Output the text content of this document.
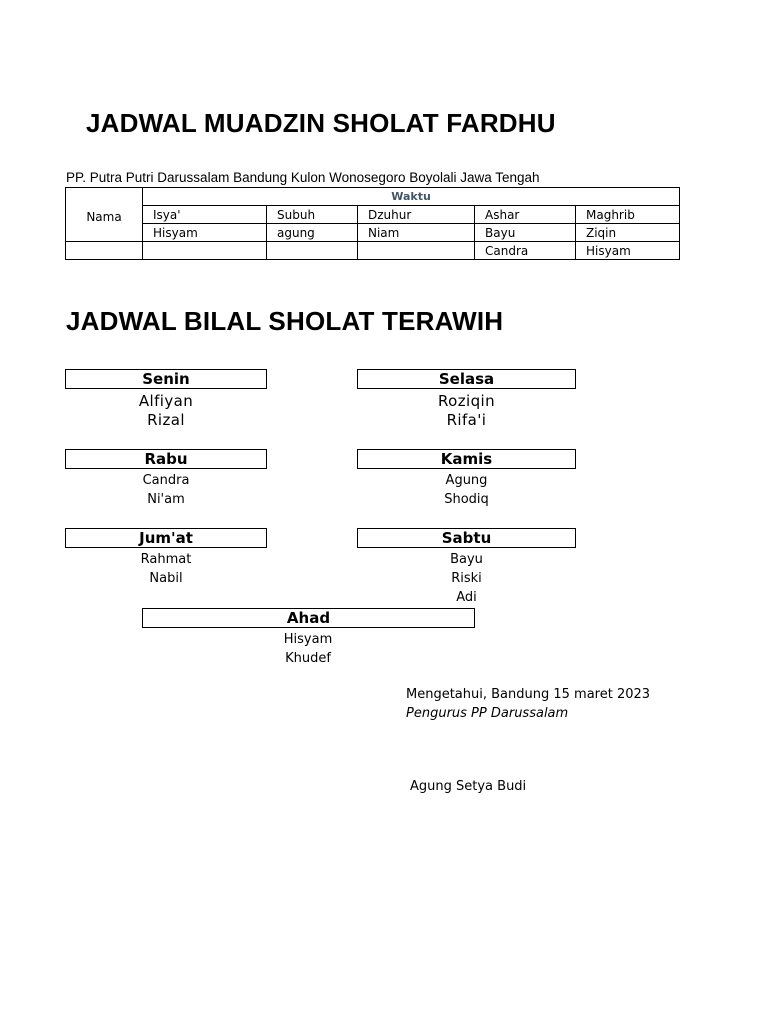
JADWAL MUADZIN SHOLAT FARDHU
PP. Putra Putri Darussalam Bandung Kulon Wonosegoro Boyolali Jawa Tengah
Nama	Waktu				
	Isya'	Subuh	Dzuhur	Ashar	Maghrib
	Hisyam	agung	Niam	Bayu	Ziqin
				Candra	Hisyam
JADWAL BILAL SHOLAT TERAWIH
Senin
Alfiyan
Rizal
Selasa
Roziqin
Rifa'i
Rabu
Candra
Ni'am
Kamis
Agung
Shodiq
Jum'at
Rahmat
Nabil
Sabtu
Bayu
Riski
Adi
Ahad
Hisyam
Khudef
Mengetahui, Bandung 15 maret 2023
Pengurus PP Darussalam
Agung Setya Budi
